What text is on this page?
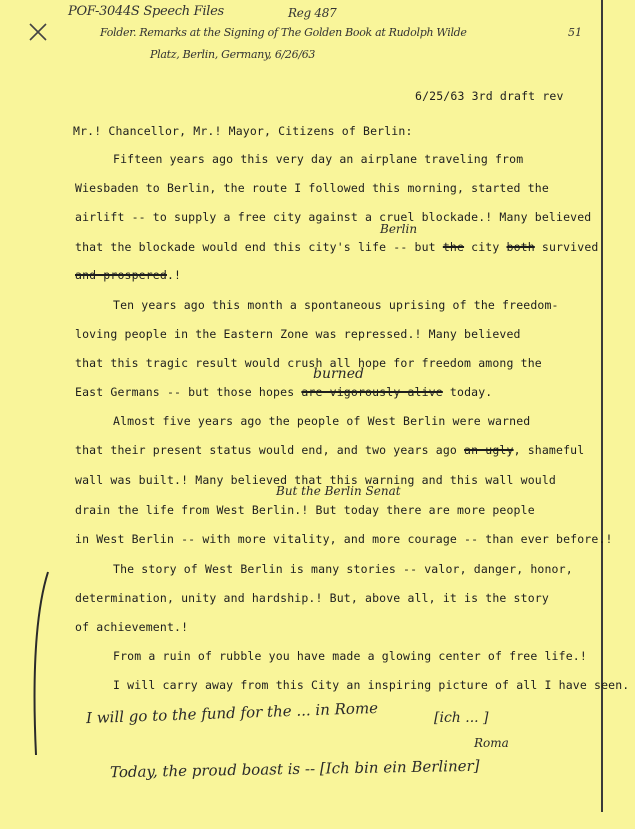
POF-3044S Speech Files	Reg 487
Folder. Remarks at the Signing of The Golden Book at Rudolph Wilde
Platz, Berlin, Germany, 6/26/63
51
6/25/63 3rd draft rev
Mr.! Chancellor, Mr.! Mayor, Citizens of Berlin:
Fifteen years ago this very day an airplane traveling from
Wiesbaden to Berlin, the route I followed this morning, started the
airlift -- to supply a free city against a cruel blockade.! Many believed
that the blockade would end this city's life -- but the city both survived
and prospered.!
Berlin
Ten years ago this month a spontaneous uprising of the freedom-
loving people in the Eastern Zone was repressed.! Many believed
that this tragic result would crush all hope for freedom among the
East Germans -- but those hopes are vigorously alive today.
burned
Almost five years ago the people of West Berlin were warned
that their present status would end, and two years ago an ugly, shameful
wall was built.! Many believed that this warning and this wall would
drain the life from West Berlin.! But today there are more people
in West Berlin -- with more vitality, and more courage -- than ever before.!
But the Berlin Senat
The story of West Berlin is many stories -- valor, danger, honor,
determination, unity and hardship.! But, above all, it is the story
of achievement.!
From a ruin of rubble you have made a glowing center of free life.!
I will carry away from this City an inspiring picture of all I have seen.
I will go to the fund for the ... in Rome	[ich ... ]
Roma
Today, the proud boast is -- [Ich bin ein Berliner]
